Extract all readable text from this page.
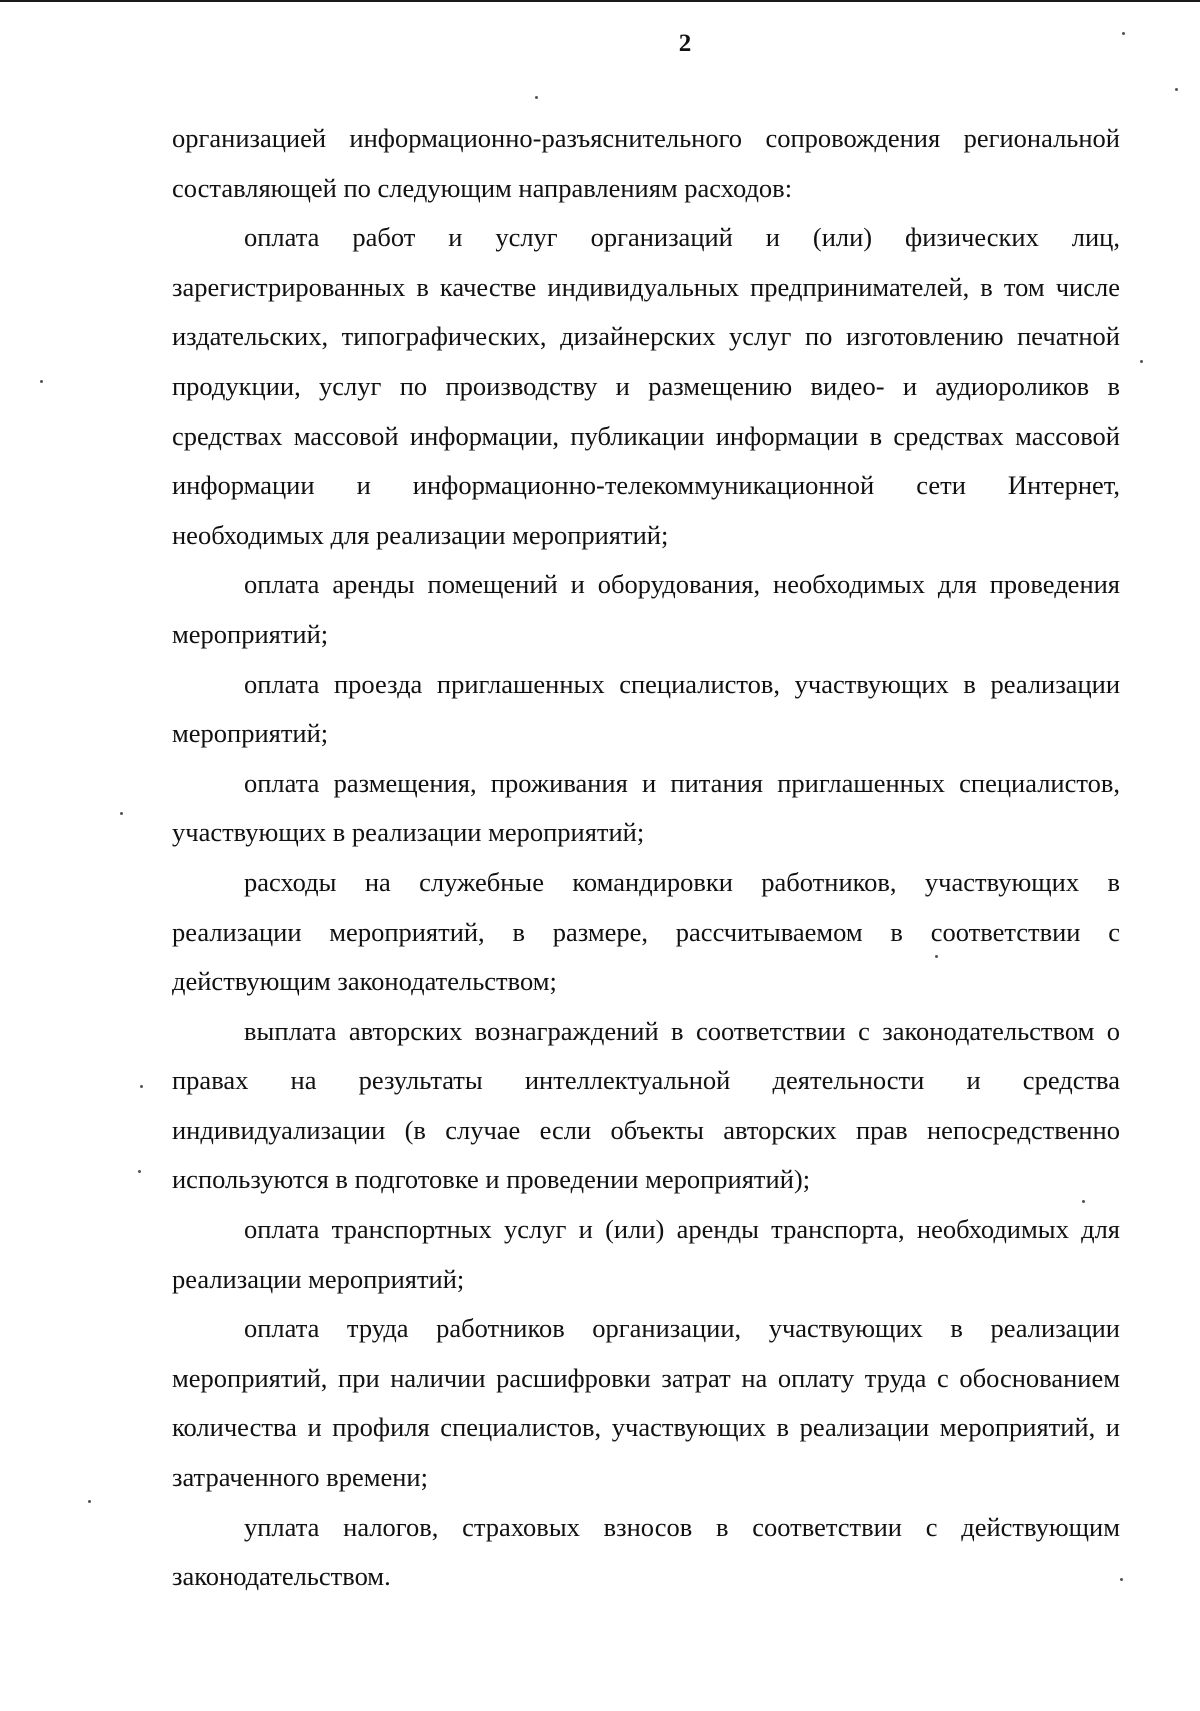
2

организацией информационно-разъяснительного сопровождения региональной составляющей по следующим направлениям расходов:

оплата работ и услуг организаций и (или) физических лиц, зарегистрированных в качестве индивидуальных предпринимателей, в том числе издательских, типографических, дизайнерских услуг по изготовлению печатной продукции, услуг по производству и размещению видео- и аудиороликов в средствах массовой информации, публикации информации в средствах массовой информации и информационно-телекоммуникационной сети Интернет, необходимых для реализации мероприятий;

оплата аренды помещений и оборудования, необходимых для проведения мероприятий;

оплата проезда приглашенных специалистов, участвующих в реализации мероприятий;

оплата размещения, проживания и питания приглашенных специалистов, участвующих в реализации мероприятий;

расходы на служебные командировки работников, участвующих в реализации мероприятий, в размере, рассчитываемом в соответствии с действующим законодательством;

выплата авторских вознаграждений в соответствии с законодательством о правах на результаты интеллектуальной деятельности и средства индивидуализации (в случае если объекты авторских прав непосредственно используются в подготовке и проведении мероприятий);

оплата транспортных услуг и (или) аренды транспорта, необходимых для реализации мероприятий;

оплата труда работников организации, участвующих в реализации мероприятий, при наличии расшифровки затрат на оплату труда с обоснованием количества и профиля специалистов, участвующих в реализации мероприятий, и затраченного времени;

уплата налогов, страховых взносов в соответствии с действующим законодательством.
